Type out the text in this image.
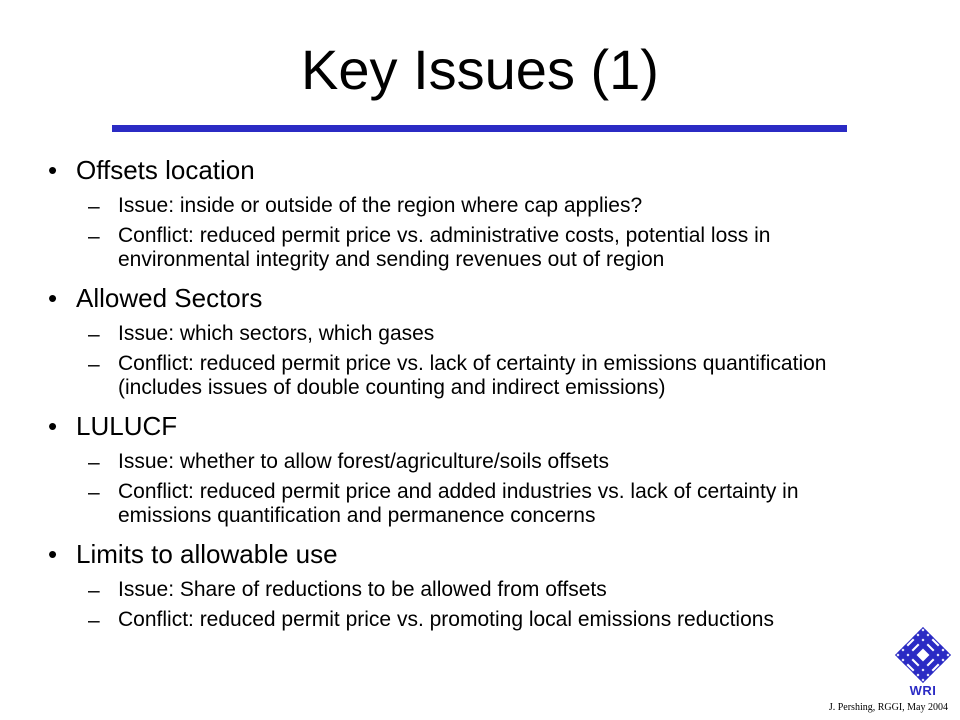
Key Issues (1)
• Offsets location
– Issue: inside or outside of the region where cap applies?
– Conflict: reduced permit price vs. administrative costs, potential loss in environmental integrity and sending revenues out of region
• Allowed Sectors
– Issue: which sectors, which gases
– Conflict: reduced permit price vs. lack of certainty in emissions quantification (includes issues of double counting and indirect emissions)
• LULUCF
– Issue: whether to allow forest/agriculture/soils offsets
– Conflict: reduced permit price and added industries vs. lack of certainty in emissions quantification and permanence concerns
• Limits to allowable use
– Issue: Share of reductions to be allowed from offsets
– Conflict: reduced permit price vs. promoting local emissions reductions
WRI
J. Pershing, RGGI, May 2004
